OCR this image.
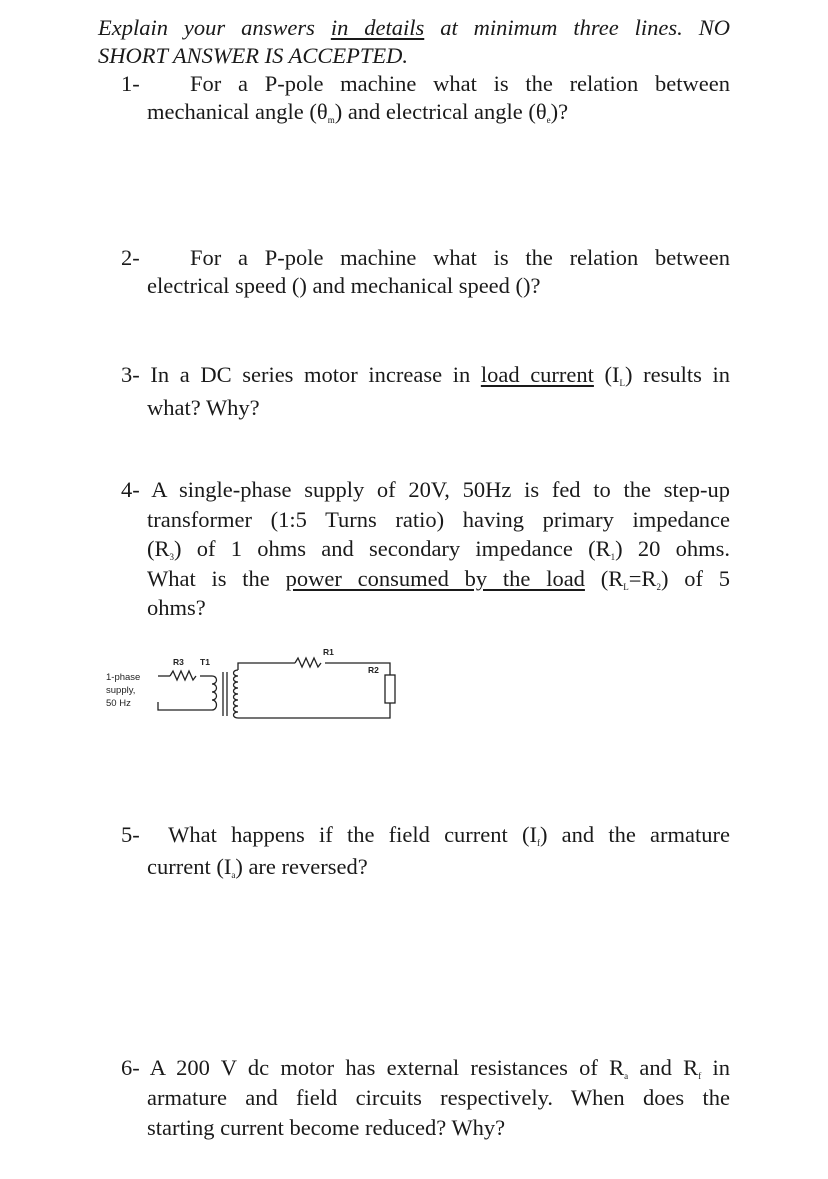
Explain your answers in details at minimum three lines. NO
SHORT ANSWER IS ACCEPTED.
1- For a P-pole machine what is the relation between
mechanical angle $(\theta_m)$ and electrical angle $(\theta_e)$?
2- For a P-pole machine what is the relation between
electrical speed () and mechanical speed ()?
3- In a DC series motor increase in load current $(I_L)$ results in
what? Why?
4- A single-phase supply of 20V, 50Hz is fed to the step-up
transformer (1:5 Turns ratio) having primary impedance
$(R_3)$ of 1 ohms and secondary impedance $(R_1)$ 20 ohms.
What is the power consumed by the load $(R_L=R_2)$ of 5
ohms?
1-phase
supply,
50 Hz
R3 T1
R1
R2
5- What happens if the field current $(I_f)$ and the armature
current $(I_a)$ are reversed?
6- A 200 V dc motor has external resistances of $R_a$ and $R_f$ in
armature and field circuits respectively. When does the
starting current become reduced? Why?
